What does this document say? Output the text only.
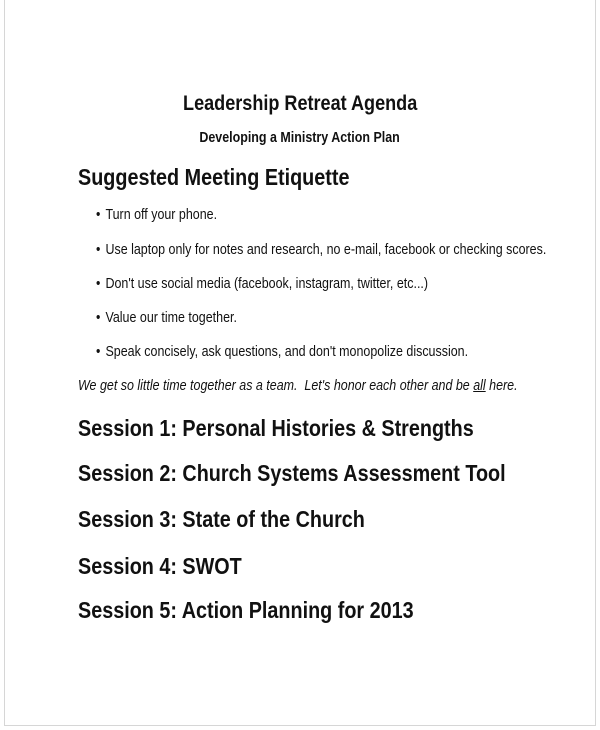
Leadership Retreat Agenda
Developing a Ministry Action Plan
Suggested Meeting Etiquette
• Turn off your phone.
• Use laptop only for notes and research, no e-mail, facebook or checking scores.
• Don't use social media (facebook, instagram, twitter, etc...)
• Value our time together.
• Speak concisely, ask questions, and don't monopolize discussion.
We get so little time together as a team.  Let's honor each other and be all here.
Session 1: Personal Histories & Strengths
Session 2: Church Systems Assessment Tool
Session 3: State of the Church
Session 4: SWOT
Session 5: Action Planning for 2013
